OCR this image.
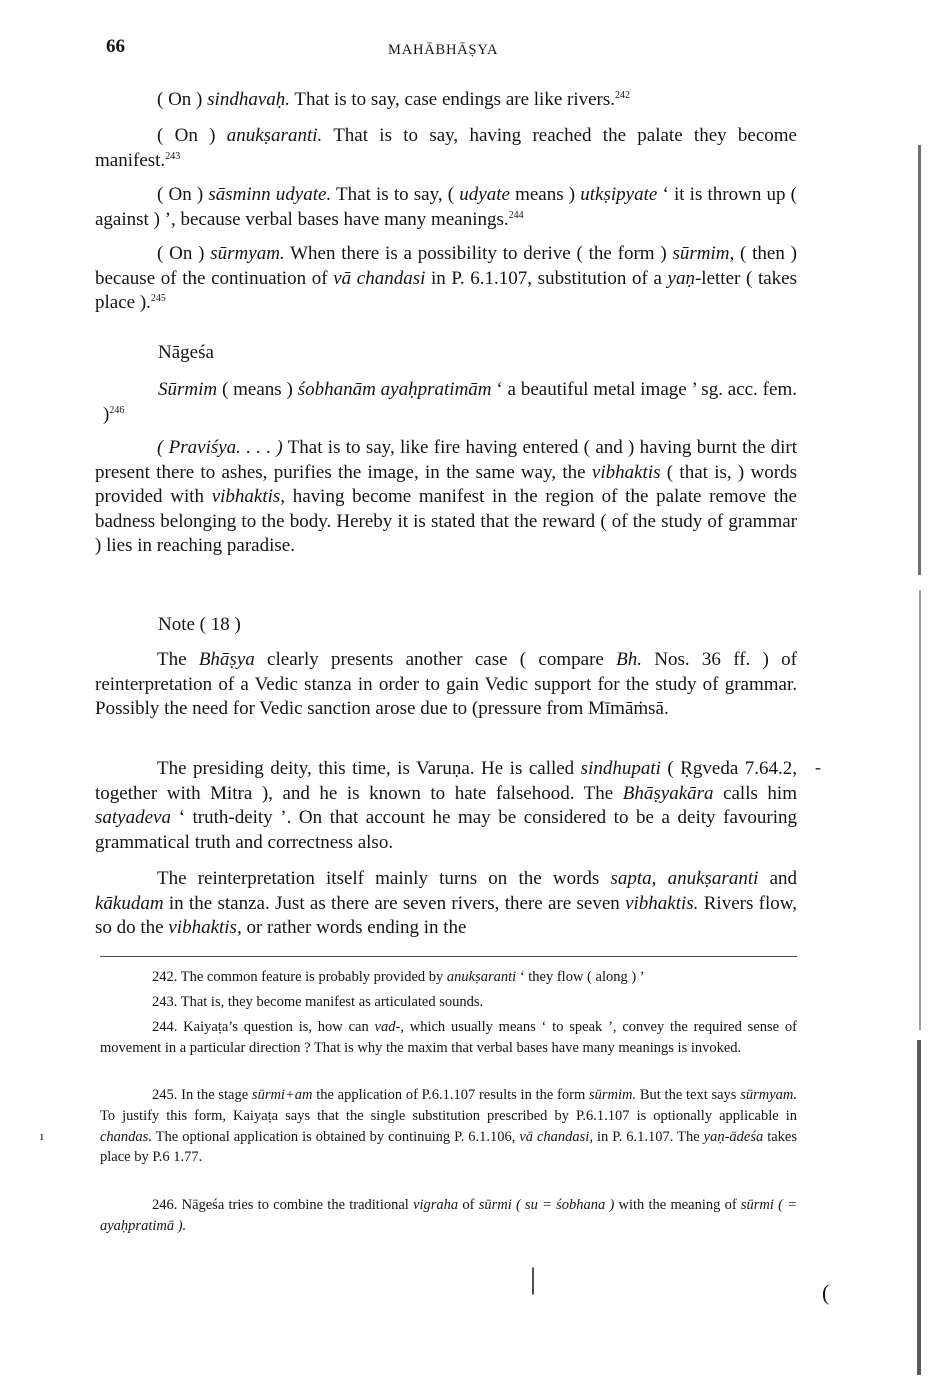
66	MAHĀBHĀṢYA

( On ) sindhavaḥ. That is to say, case endings are like rivers.$^{242}$

( On ) anukṣaranti. That is to say, having reached the palate they become manifest.$^{243}$

( On ) sāsminn udyate. That is to say, ( udyate means ) utkṣipyate ‘ it is thrown up ( against ) ’, because verbal bases have many meanings.$^{244}$

( On ) sūrmyam. When there is a possibility to derive ( the form ) sūrmim, ( then ) because of the continuation of vā chandasi in P. 6.1.107, substitution of a yaṇ-letter ( takes place ).$^{245}$

Nāgeśa

Sūrmim ( means ) śobhanām ayaḥpratimām ‘ a beautiful metal image ’ sg. acc. fem. )$^{246}$

( Praviśya. . . . ) That is to say, like fire having entered ( and ) having burnt the dirt present there to ashes, purifies the image, in the same way, the vibhaktis ( that is, ) words provided with vibhaktis, having become manifest in the region of the palate remove the badness belonging to the body. Hereby it is stated that the reward ( of the study of grammar ) lies in reaching paradise.

Note ( 18 )

The Bhāṣya clearly presents another case ( compare Bh. Nos. 36 ff. ) of reinterpretation of a Vedic stanza in order to gain Vedic support for the study of grammar. Possibly the need for Vedic sanction arose due to (pressure from Mīmāṁsā.

The presiding deity, this time, is Varuṇa. He is called sindhupati ( Ṛgveda 7.64.2, together with Mitra ), and he is known to hate falsehood. The Bhāṣyakāra calls him satyadeva ‘ truth-deity ’. On that account he may be considered to be a deity favouring grammatical truth and correctness also.

The reinterpretation itself mainly turns on the words sapta, anukṣaranti and kākudam in the stanza. Just as there are seven rivers, there are seven vibhaktis. Rivers flow, so do the vibhaktis, or rather words ending in the

242. The common feature is probably provided by anukṣaranti ‘ they flow ( along ) ’

243. That is, they become manifest as articulated sounds.

244. Kaiyaṭa’s question is, how can vad-, which usually means ‘ to speak ’, convey the required sense of movement in a particular direction ? That is why the maxim that verbal bases have many meanings is invoked.

245. In the stage sūrmi+am the application of P.6.1.107 results in the form sūrmim. But the text says sūrmyam. To justify this form, Kaiyaṭa says that the single substitution prescribed by P.6.1.107 is optionally applicable in chandas. The optional application is obtained by continuing P. 6.1.106, vā chandasi, in P. 6.1.107. The yaṇ-ādeśa takes place by P.6 1.77.

246. Nāgeśa tries to combine the traditional vigraha of sūrmi ( su = śobhana ) with the meaning of sūrmi ( = ayaḥpratimā ).

|	(
-
ı
